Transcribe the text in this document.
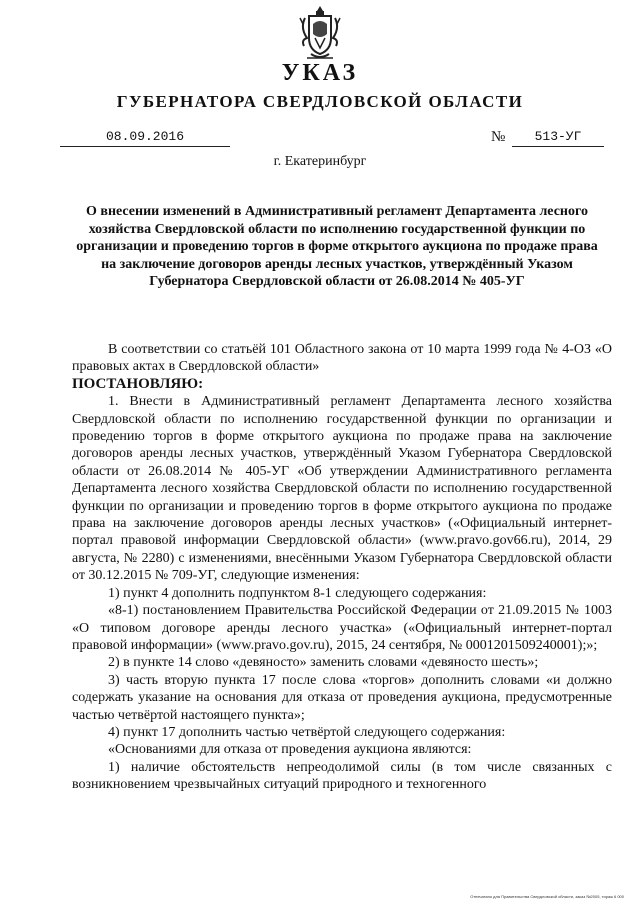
УКАЗ
ГУБЕРНАТОРА СВЕРДЛОВСКОЙ ОБЛАСТИ
08.09.2016	№	513-УГ
г. Екатеринбург
О внесении изменений в Административный регламент Департамента лесного хозяйства Свердловской области по исполнению государственной функции по организации и проведению торгов в форме открытого аукциона по продаже права на заключение договоров аренды лесных участков, утверждённый Указом Губернатора Свердловской области от 26.08.2014 № 405-УГ

В соответствии со статьёй 101 Областного закона от 10 марта 1999 года № 4-ОЗ «О правовых актах в Свердловской области»

ПОСТАНОВЛЯЮ:

1. Внести в Административный регламент Департамента лесного хозяйства Свердловской области по исполнению государственной функции по организации и проведению торгов в форме открытого аукциона по продаже права на заключение договоров аренды лесных участков, утверждённый Указом Губернатора Свердловской области от 26.08.2014 № 405-УГ «Об утверждении Административного регламента Департамента лесного хозяйства Свердловской области по исполнению государственной функции по организации и проведению торгов в форме открытого аукциона по продаже права на заключение договоров аренды лесных участков» («Официальный интернет-портал правовой информации Свердловской области» (www.pravo.gov66.ru), 2014, 29 августа, № 2280) с изменениями, внесёнными Указом Губернатора Свердловской области от 30.12.2015 № 709-УГ, следующие изменения:

1) пункт 4 дополнить подпунктом 8-1 следующего содержания:

«8-1) постановлением Правительства Российской Федерации от 21.09.2015 № 1003 «О типовом договоре аренды лесного участка» («Официальный интернет-портал правовой информации» (www.pravo.gov.ru), 2015, 24 сентября, № 0001201509240001);»;

2) в пункте 14 слово «девяносто» заменить словами «девяносто шесть»;

3) часть вторую пункта 17 после слова «торгов» дополнить словами «и должно содержать указание на основания для отказа от проведения аукциона, предусмотренные частью четвёртой настоящего пункта»;

4) пункт 17 дополнить частью четвёртой следующего содержания:

«Основаниями для отказа от проведения аукциона являются:

1) наличие обстоятельств непреодолимой силы (в том числе связанных с возникновением чрезвычайных ситуаций природного и техногенного

Отпечатано для Правительства Свердловской области, заказ №2005, тираж 6 000
